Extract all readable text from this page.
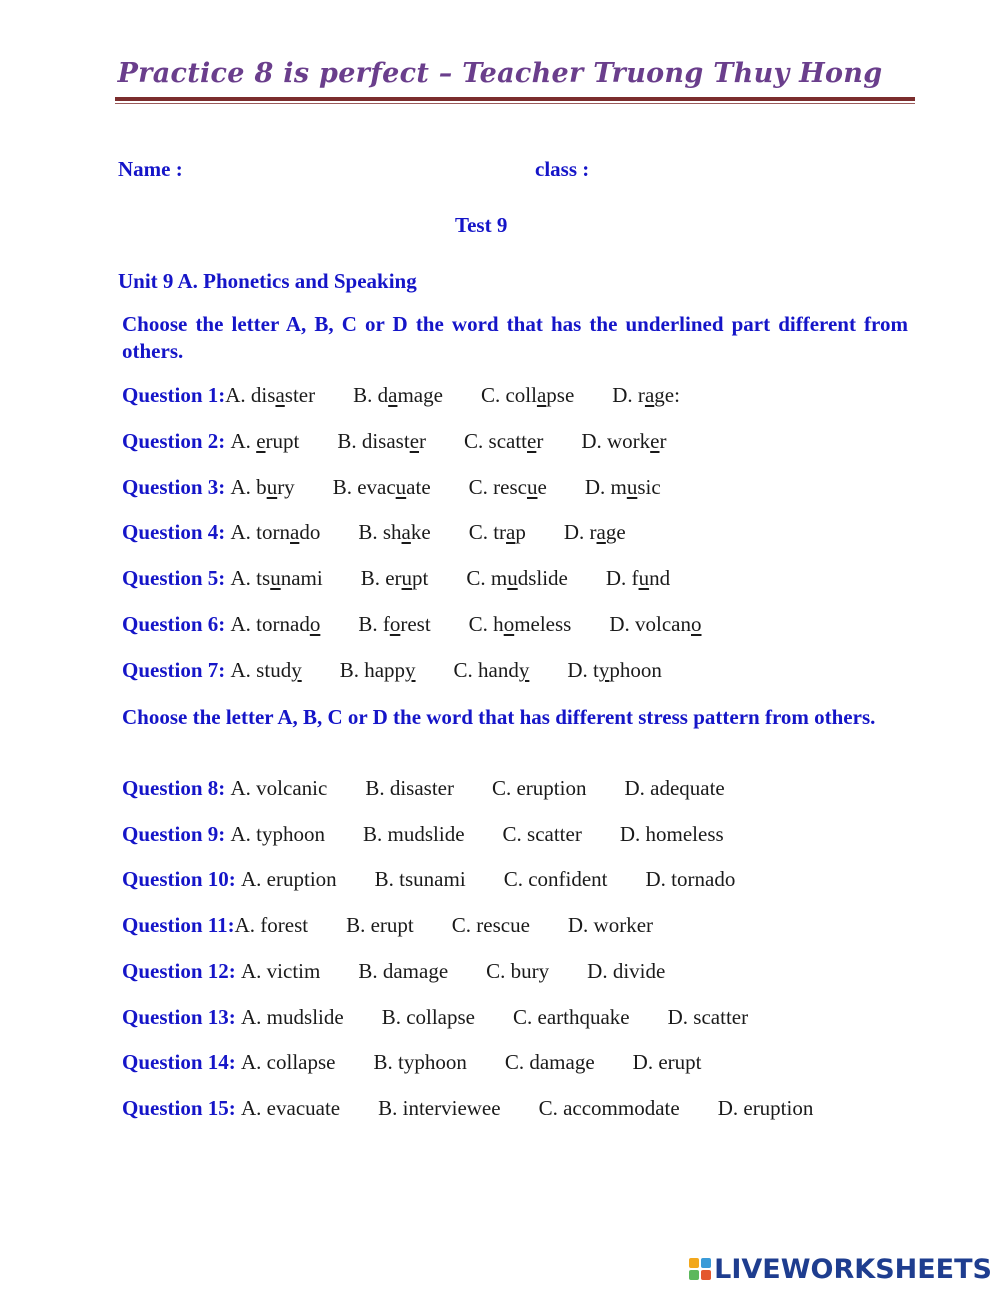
Practice 8 is perfect – Teacher Truong Thuy Hong
Name :	class :
Test 9
Unit 9 A. Phonetics and Speaking
Choose the letter A, B, C or D the word that has the underlined part different from others.
Question 1:A. disaster B. damage C. collapse D. rage:
Question 2: A. erupt B. disaster C. scatter D. worker
Question 3: A. bury B. evacuate C. rescue D. music
Question 4: A. tornado B. shake C. trap D. rage
Question 5: A. tsunami B. erupt C. mudslide D. fund
Question 6: A. tornado B. forest C. homeless D. volcano
Question 7: A. study B. happy C. handy D. typhoon
Choose the letter A, B, C or D the word that has different stress pattern from others.
Question 8: A. volcanic B. disaster C. eruption D. adequate
Question 9: A. typhoon B. mudslide C. scatter D. homeless
Question 10: A. eruption B. tsunami C. confident D. tornado
Question 11:A. forest B. erupt C. rescue D. worker
Question 12: A. victim B. damage C. bury D. divide
Question 13: A. mudslide B. collapse C. earthquake D. scatter
Question 14: A. collapse B. typhoon C. damage D. erupt
Question 15: A. evacuate B. interviewee C. accommodate D. eruption
LIVEWORKSHEETS
